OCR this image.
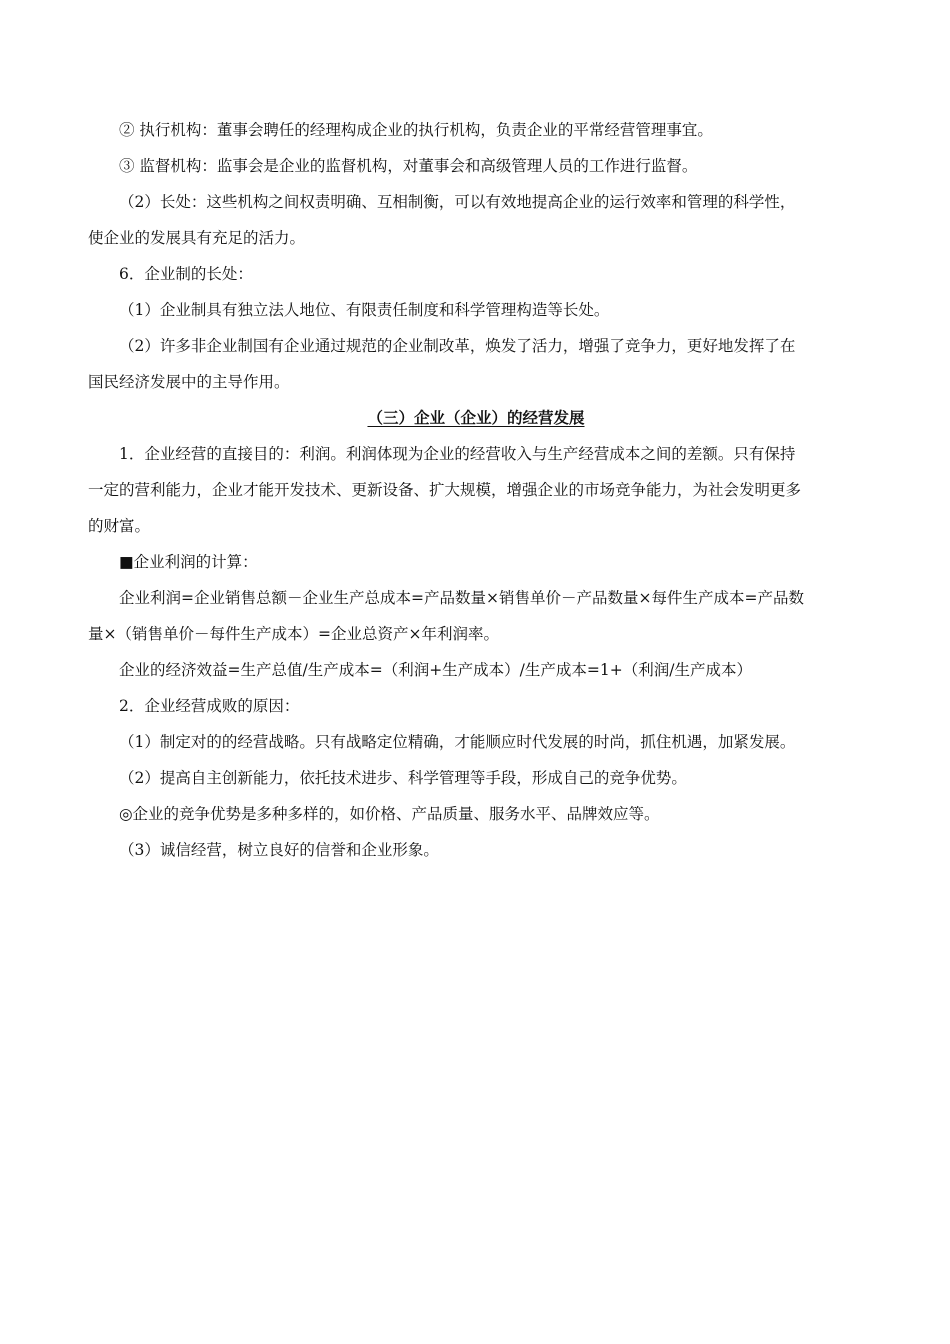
② 执行机构：董事会聘任的经理构成企业的执行机构，负责企业的平常经营管理事宜。
③ 监督机构：监事会是企业的监督机构，对董事会和高级管理人员的工作进行监督。
（2）长处：这些机构之间权责明确、互相制衡，可以有效地提高企业的运行效率和管理的科学性，
使企业的发展具有充足的活力。
6．企业制的长处：
（1）企业制具有独立法人地位、有限责任制度和科学管理构造等长处。
（2）许多非企业制国有企业通过规范的企业制改革，焕发了活力，增强了竞争力，更好地发挥了在
国民经济发展中的主导作用。
（三）企业（企业）的经营发展
1．企业经营的直接目的：利润。利润体现为企业的经营收入与生产经营成本之间的差额。只有保持
一定的营利能力，企业才能开发技术、更新设备、扩大规模，增强企业的市场竞争能力，为社会发明更多
的财富。
■企业利润的计算：
企业利润=企业销售总额－企业生产总成本=产品数量×销售单价－产品数量×每件生产成本=产品数
量×（销售单价－每件生产成本）=企业总资产×年利润率。
企业的经济效益=生产总值/生产成本=（利润+生产成本）/生产成本=1+（利润/生产成本）
2．企业经营成败的原因：
（1）制定对的的经营战略。只有战略定位精确，才能顺应时代发展的时尚，抓住机遇，加紧发展。
（2）提高自主创新能力，依托技术进步、科学管理等手段，形成自己的竞争优势。
◎企业的竞争优势是多种多样的，如价格、产品质量、服务水平、品牌效应等。
（3）诚信经营，树立良好的信誉和企业形象。
